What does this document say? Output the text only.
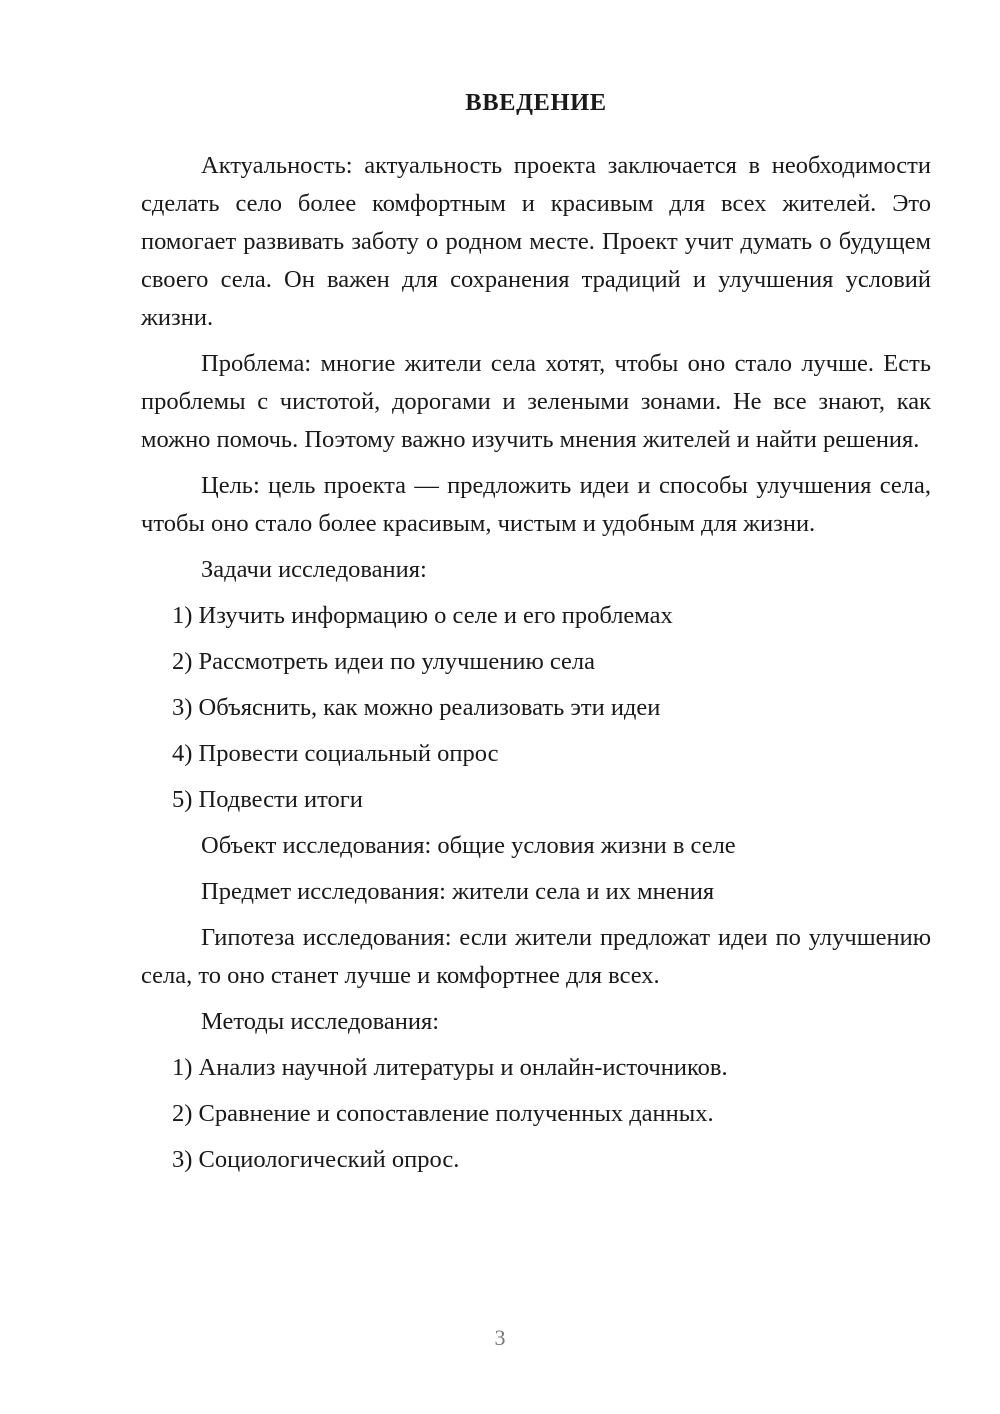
ВВЕДЕНИЕ

Актуальность: актуальность проекта заключается в необходимости сделать село более комфортным и красивым для всех жителей. Это помогает развивать заботу о родном месте. Проект учит думать о будущем своего села. Он важен для сохранения традиций и улучшения условий жизни.

Проблема: многие жители села хотят, чтобы оно стало лучше. Есть проблемы с чистотой, дорогами и зелеными зонами. Не все знают, как можно помочь. Поэтому важно изучить мнения жителей и найти решения.

Цель: цель проекта — предложить идеи и способы улучшения села, чтобы оно стало более красивым, чистым и удобным для жизни.

Задачи исследования:

1) Изучить информацию о селе и его проблемах
2) Рассмотреть идеи по улучшению села
3) Объяснить, как можно реализовать эти идеи
4) Провести социальный опрос
5) Подвести итоги

Объект исследования: общие условия жизни в селе

Предмет исследования: жители села и их мнения

Гипотеза исследования: если жители предложат идеи по улучшению села, то оно станет лучше и комфортнее для всех.

Методы исследования:

1) Анализ научной литературы и онлайн-источников.
2) Сравнение и сопоставление полученных данных.
3) Социологический опрос.
3
